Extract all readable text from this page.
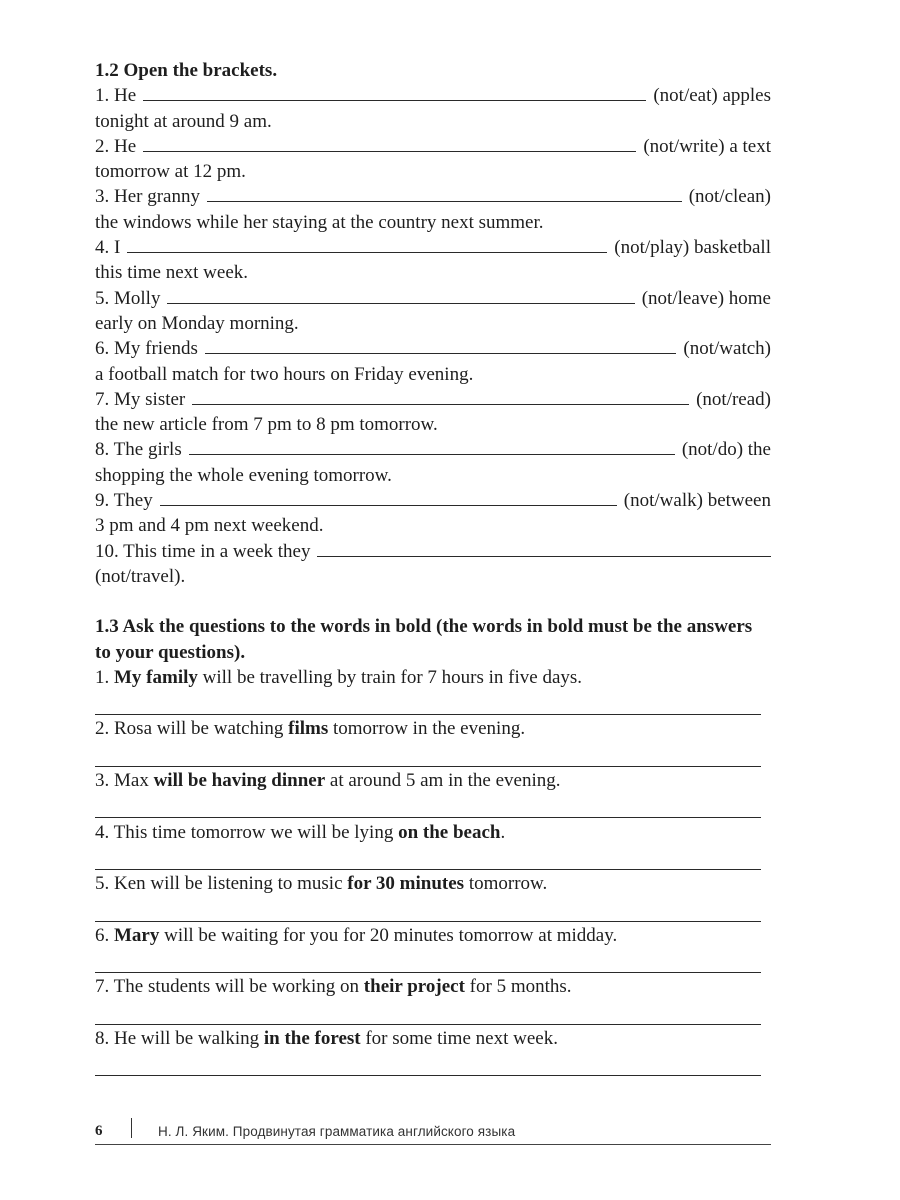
1.2 Open the brackets.
1. He	(not/eat) apples
tonight at around 9 am.
2. He	(not/write) a text
tomorrow at 12 pm.
3. Her granny	(not/clean)
the windows while her staying at the country next summer.
4. I	(not/play) basketball
this time next week.
5. Molly	(not/leave) home
early on Monday morning.
6. My friends	(not/watch)
a football match for two hours on Friday evening.
7. My sister	(not/read)
the new article from 7 pm to 8 pm tomorrow.
8. The girls	(not/do) the
shopping the whole evening tomorrow.
9. They	(not/walk) between
3 pm and 4 pm next weekend.
10. This time in a week they
(not/travel).
1.3 Ask the questions to the words in bold (the words in bold must be the answers
to your questions).
1. My family will be travelling by train for 7 hours in five days.
2. Rosa will be watching films tomorrow in the evening.
3. Max will be having dinner at around 5 am in the evening.
4. This time tomorrow we will be lying on the beach.
5. Ken will be listening to music for 30 minutes tomorrow.
6. Mary will be waiting for you for 20 minutes tomorrow at midday.
7. The students will be working on their project for 5 months.
8. He will be walking in the forest for some time next week.
6	Н. Л. Яким. Продвинутая грамматика английского языка
